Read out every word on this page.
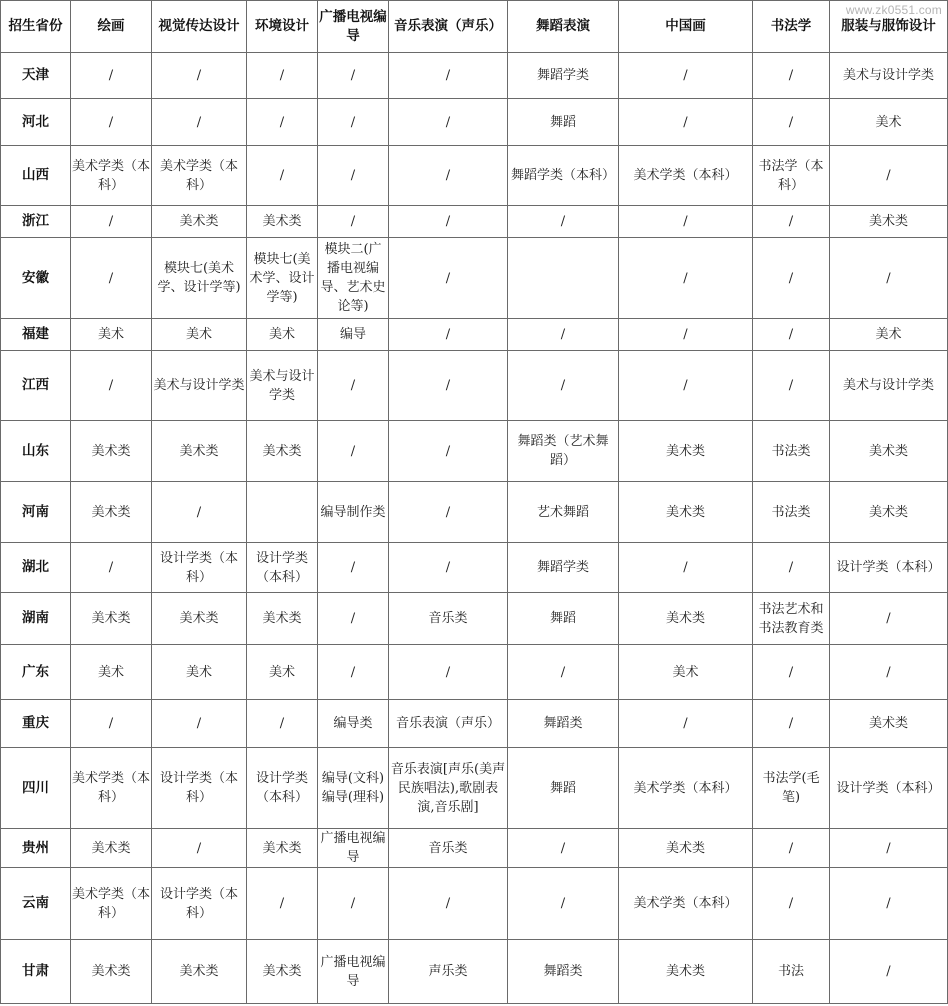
招生省份	绘画	视觉传达设计	环境设计	广播电视编导	音乐表演（声乐）	舞蹈表演	中国画	书法学	服装与服饰设计
天津	/	/	/	/	/	舞蹈学类	/	/	美术与设计学类
河北	/	/	/	/	/	舞蹈	/	/	美术
山西	美术学类（本科）	美术学类（本科）	/	/	/	舞蹈学类（本科）	美术学类（本科）	书法学（本科）	/
浙江	/	美术类	美术类	/	/	/	/	/	美术类
安徽	/	模块七(美术学、设计学等)	模块七(美术学、设计学等)	模块二(广播电视编导、艺术史论等)	/		/	/	/
福建	美术	美术	美术	编导	/	/	/	/	美术
江西	/	美术与设计学类	美术与设计学类	/	/	/	/	/	美术与设计学类
山东	美术类	美术类	美术类	/	/	舞蹈类（艺术舞蹈）	美术类	书法类	美术类
河南	美术类	/		编导制作类	/	艺术舞蹈	美术类	书法类	美术类
湖北	/	设计学类（本科）	设计学类（本科）	/	/	舞蹈学类	/	/	设计学类（本科）
湖南	美术类	美术类	美术类	/	音乐类	舞蹈	美术类	书法艺术和书法教育类	/
广东	美术	美术	美术	/	/	/	美术	/	/
重庆	/	/	/	编导类	音乐表演（声乐）	舞蹈类	/	/	美术类
四川	美术学类（本科）	设计学类（本科）	设计学类（本科）	编导(文科)编导(理科)	音乐表演[声乐(美声民族唱法),歌剧表演,音乐剧]	舞蹈	美术学类（本科）	书法学(毛笔)	设计学类（本科）
贵州	美术类	/	美术类	广播电视编导	音乐类	/	美术类	/	/
云南	美术学类（本科）	设计学类（本科）	/	/	/	/	美术学类（本科）	/	/
甘肃	美术类	美术类	美术类	广播电视编导	声乐类	舞蹈类	美术类	书法	/
www.zk0551.com
